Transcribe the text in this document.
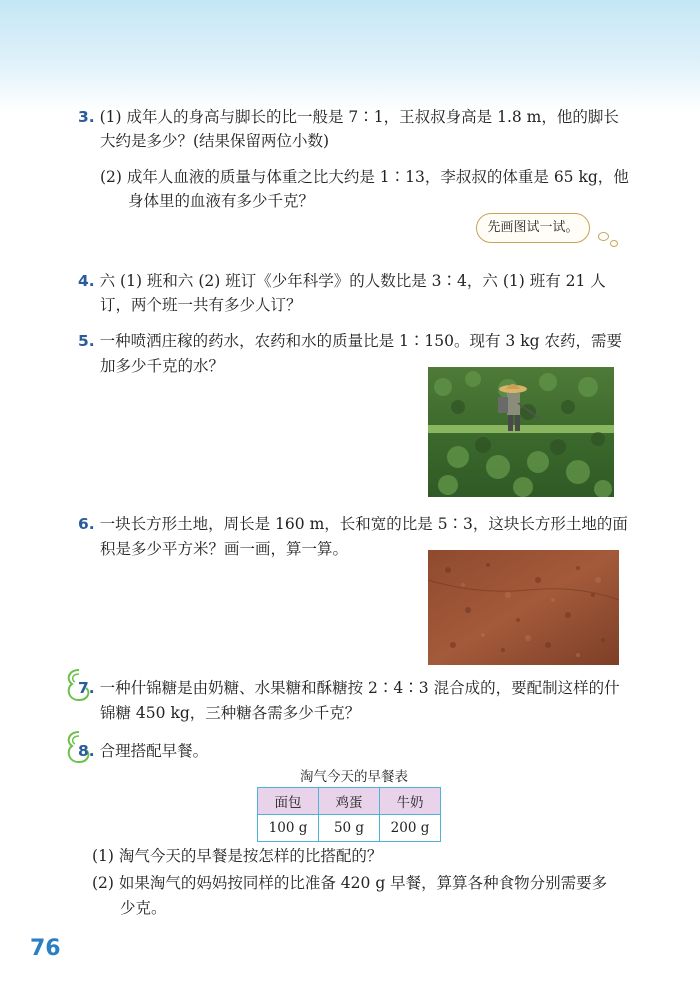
3. (1) 成年人的身高与脚长的比一般是 7∶1，王叔叔身高是 1.8 m，他的脚长
大约是多少？(结果保留两位小数)
(2) 成年人血液的质量与体重之比大约是 1∶13，李叔叔的体重是 65 kg，他
身体里的血液有多少千克？
先画图试一试。
4. 六 (1) 班和六 (2) 班订《少年科学》的人数比是 3∶4，六 (1) 班有 21 人
订，两个班一共有多少人订？
5. 一种喷洒庄稼的药水，农药和水的质量比是 1∶150。现有 3 kg 农药，需要
加多少千克的水？
6. 一块长方形土地，周长是 160 m，长和宽的比是 5∶3，这块长方形土地的面
积是多少平方米？画一画，算一算。
7. 一种什锦糖是由奶糖、水果糖和酥糖按 2∶4∶3 混合成的，要配制这样的什
锦糖 450 kg，三种糖各需多少千克？
8. 合理搭配早餐。
淘气今天的早餐表
面包	鸡蛋	牛奶
100 g	50 g	200 g
(1) 淘气今天的早餐是按怎样的比搭配的？
(2) 如果淘气的妈妈按同样的比准备 420 g 早餐，算算各种食物分别需要多
少克。
76
